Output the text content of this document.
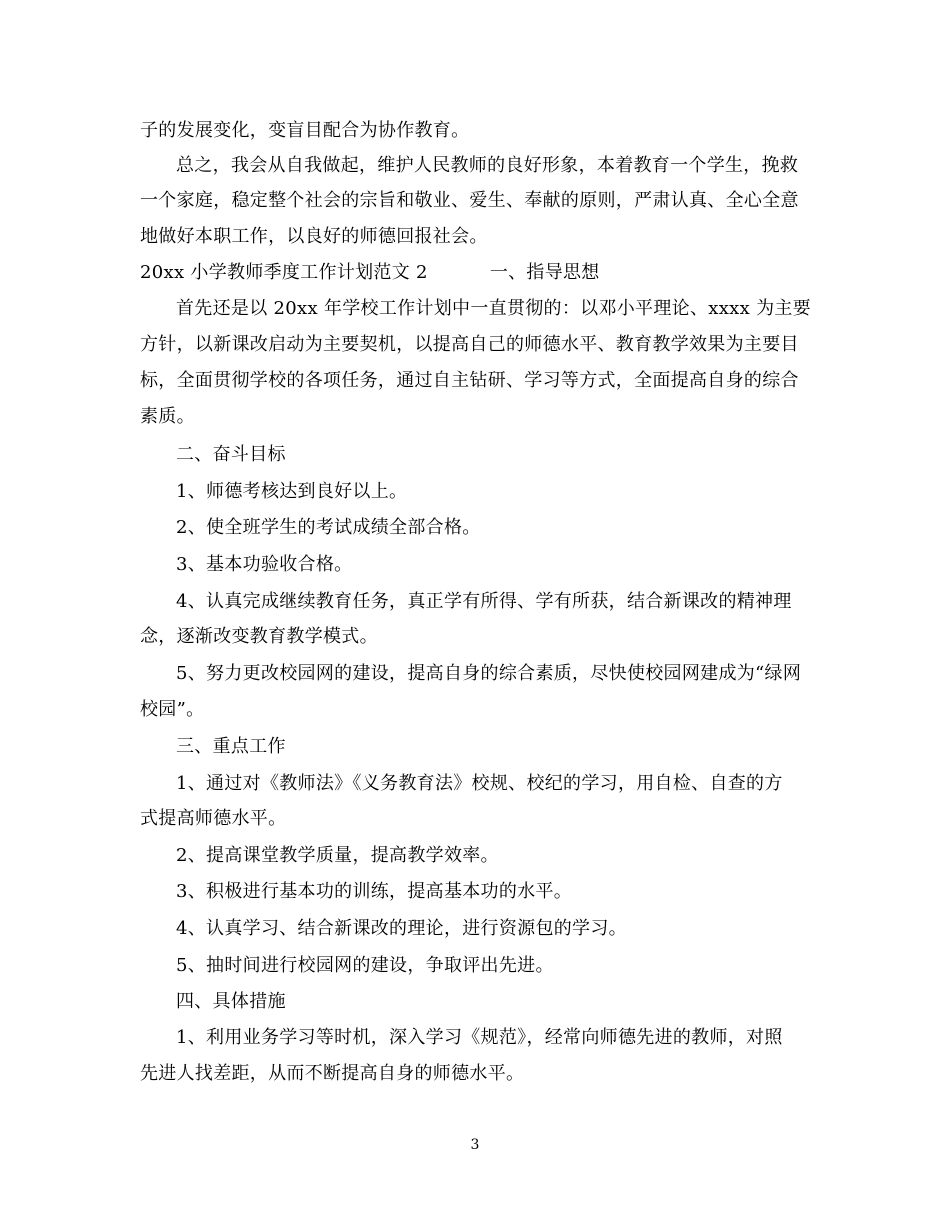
子的发展变化，变盲目配合为协作教育。
总之，我会从自我做起，维护人民教师的良好形象，本着教育一个学生，挽救
一个家庭，稳定整个社会的宗旨和敬业、爱生、奉献的原则，严肃认真、全心全意
地做好本职工作，以良好的师德回报社会。
20xx 小学教师季度工作计划范文 2	一、指导思想
首先还是以 20xx 年学校工作计划中一直贯彻的：以邓小平理论、xxxx 为主要
方针，以新课改启动为主要契机，以提高自己的师德水平、教育教学效果为主要目
标，全面贯彻学校的各项任务，通过自主钻研、学习等方式，全面提高自身的综合
素质。
二、奋斗目标
1、师德考核达到良好以上。
2、使全班学生的考试成绩全部合格。
3、基本功验收合格。
4、认真完成继续教育任务，真正学有所得、学有所获，结合新课改的精神理
念，逐渐改变教育教学模式。
5、努力更改校园网的建设，提高自身的综合素质，尽快使校园网建成为“绿网
校园”。
三、重点工作
1、通过对《教师法》《义务教育法》校规、校纪的学习，用自检、自查的方
式提高师德水平。
2、提高课堂教学质量，提高教学效率。
3、积极进行基本功的训练，提高基本功的水平。
4、认真学习、结合新课改的理论，进行资源包的学习。
5、抽时间进行校园网的建设，争取评出先进。
四、具体措施
1、利用业务学习等时机，深入学习《规范》，经常向师德先进的教师，对照
先进人找差距，从而不断提高自身的师德水平。
3
